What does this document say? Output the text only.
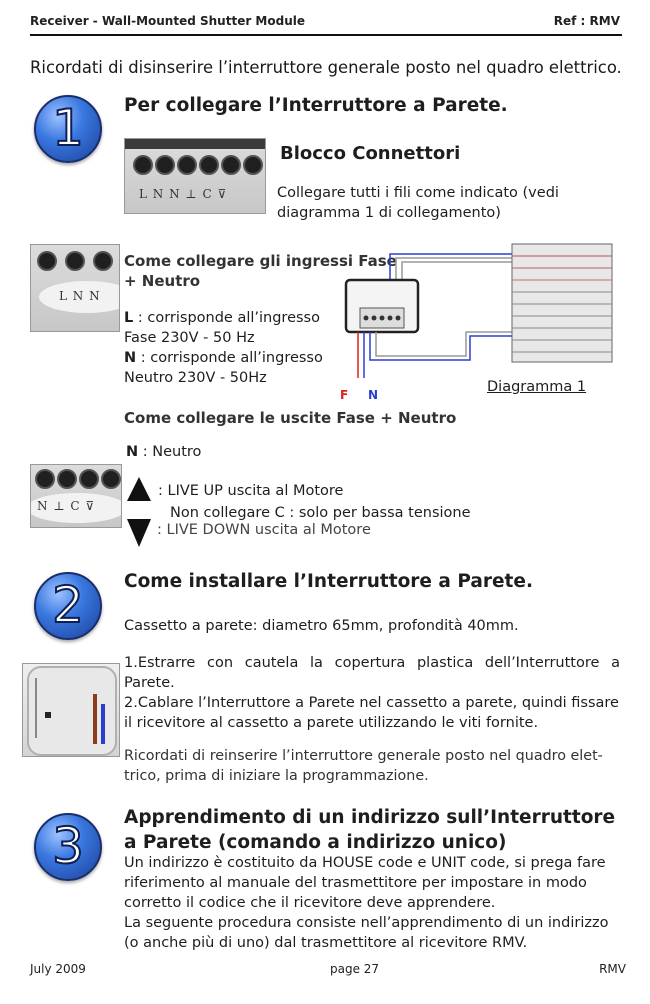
Receiver - Wall-Mounted Shutter Module	Ref : RMV
Ricordati di disinserire l’interruttore generale posto nel quadro elettrico.
1	Per collegare l’Interruttore a Parete.
L N N ⊥ C ⊽
Blocco Connettori
Collegare tutti i fili come indicato (vedi
diagramma 1 di collegamento)
L N N
Come collegare gli ingressi Fase
+ Neutro
L : corrisponde all’ingresso
Fase 230V - 50 Hz
N : corrisponde all’ingresso
Neutro 230V - 50Hz
F N	Diagramma 1
Come collegare le uscite Fase + Neutro
N : Neutro
N ⊥ C ⊽
: LIVE UP uscita al Motore
Non collegare C : solo per bassa tensione
: LIVE DOWN uscita al Motore
2	Come installare l’Interruttore a Parete.
Cassetto a parete: diametro 65mm, profondità 40mm.
1.Estrarre con cautela la copertura plastica dell’Interruttore a
Parete.
2.Cablare l’Interruttore a Parete nel cassetto a parete, quindi fissare
il ricevitore al cassetto a parete utilizzando le viti fornite.
Ricordati di reinserire l’interruttore generale posto nel quadro elet-
trico, prima di iniziare la programmazione.
3	Apprendimento di un indirizzo sull’Interruttore
a Parete (comando a indirizzo unico)
Un indirizzo è costituito da HOUSE code e UNIT code, si prega fare
riferimento al manuale del trasmettitore per impostare in modo
corretto il codice che il ricevitore deve apprendere.
La seguente procedura consiste nell’apprendimento di un indirizzo
(o anche più di uno) dal trasmettitore al ricevitore RMV.
July 2009	page 27	RMV
